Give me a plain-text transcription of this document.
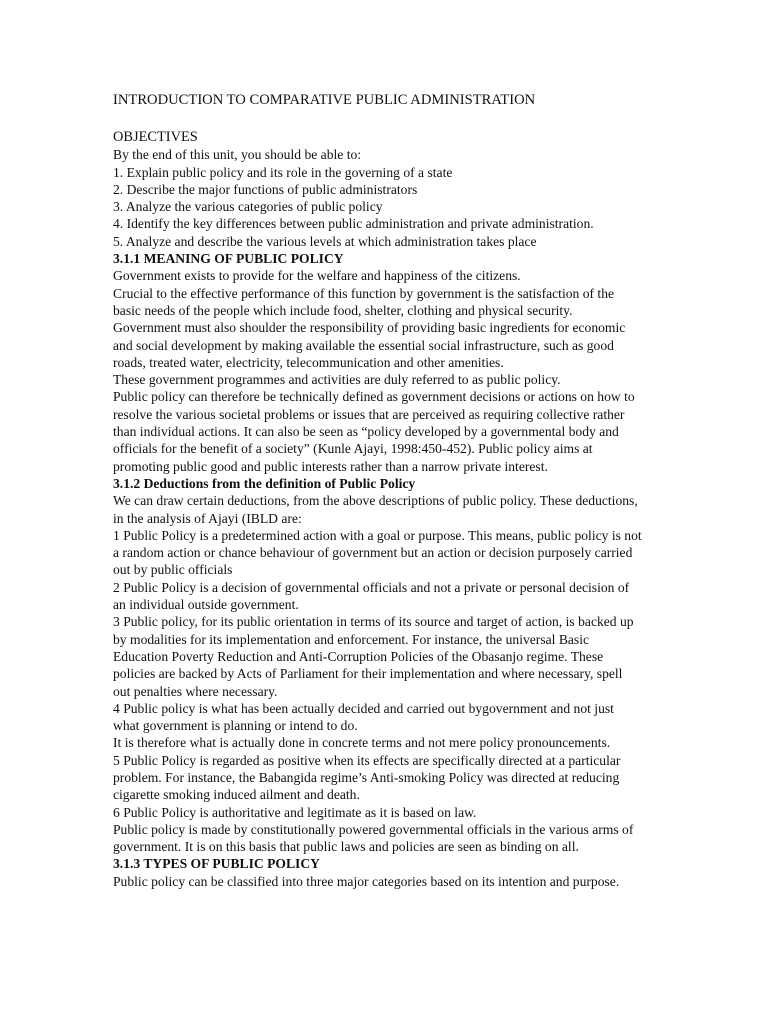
INTRODUCTION TO COMPARATIVE PUBLIC ADMINISTRATION
OBJECTIVES
By the end of this unit, you should be able to:
1. Explain public policy and its role in the governing of a state
2. Describe the major functions of public administrators
3. Analyze the various categories of public policy
4. Identify the key differences between public administration and private administration.
5. Analyze and describe the various levels at which administration takes place
3.1.1 MEANING OF PUBLIC POLICY
Government exists to provide for the welfare and happiness of the citizens.
Crucial to the effective performance of this function by government is the satisfaction of the
basic needs of the people which include food, shelter, clothing and physical security.
Government must also shoulder the responsibility of providing basic ingredients for economic
and social development by making available the essential social infrastructure, such as good
roads, treated water, electricity, telecommunication and other amenities.
These government programmes and activities are duly referred to as public policy.
Public policy can therefore be technically defined as government decisions or actions on how to
resolve the various societal problems or issues that are perceived as requiring collective rather
than individual actions. It can also be seen as “policy developed by a governmental body and
officials for the benefit of a society” (Kunle Ajayi, 1998:450-452). Public policy aims at
promoting public good and public interests rather than a narrow private interest.
3.1.2 Deductions from the definition of Public Policy
We can draw certain deductions, from the above descriptions of public policy. These deductions,
in the analysis of Ajayi (IBLD are:
1 Public Policy is a predetermined action with a goal or purpose. This means, public policy is not
a random action or chance behaviour of government but an action or decision purposely carried
out by public officials
2 Public Policy is a decision of governmental officials and not a private or personal decision of
an individual outside government.
3 Public policy, for its public orientation in terms of its source and target of action, is backed up
by modalities for its implementation and enforcement. For instance, the universal Basic
Education Poverty Reduction and Anti-Corruption Policies of the Obasanjo regime. These
policies are backed by Acts of Parliament for their implementation and where necessary, spell
out penalties where necessary.
4 Public policy is what has been actually decided and carried out bygovernment and not just
what government is planning or intend to do.
It is therefore what is actually done in concrete terms and not mere policy pronouncements.
5 Public Policy is regarded as positive when its effects are specifically directed at a particular
problem. For instance, the Babangida regime’s Anti-smoking Policy was directed at reducing
cigarette smoking induced ailment and death.
6 Public Policy is authoritative and legitimate as it is based on law.
Public policy is made by constitutionally powered governmental officials in the various arms of
government. It is on this basis that public laws and policies are seen as binding on all.
3.1.3 TYPES OF PUBLIC POLICY
Public policy can be classified into three major categories based on its intention and purpose.
